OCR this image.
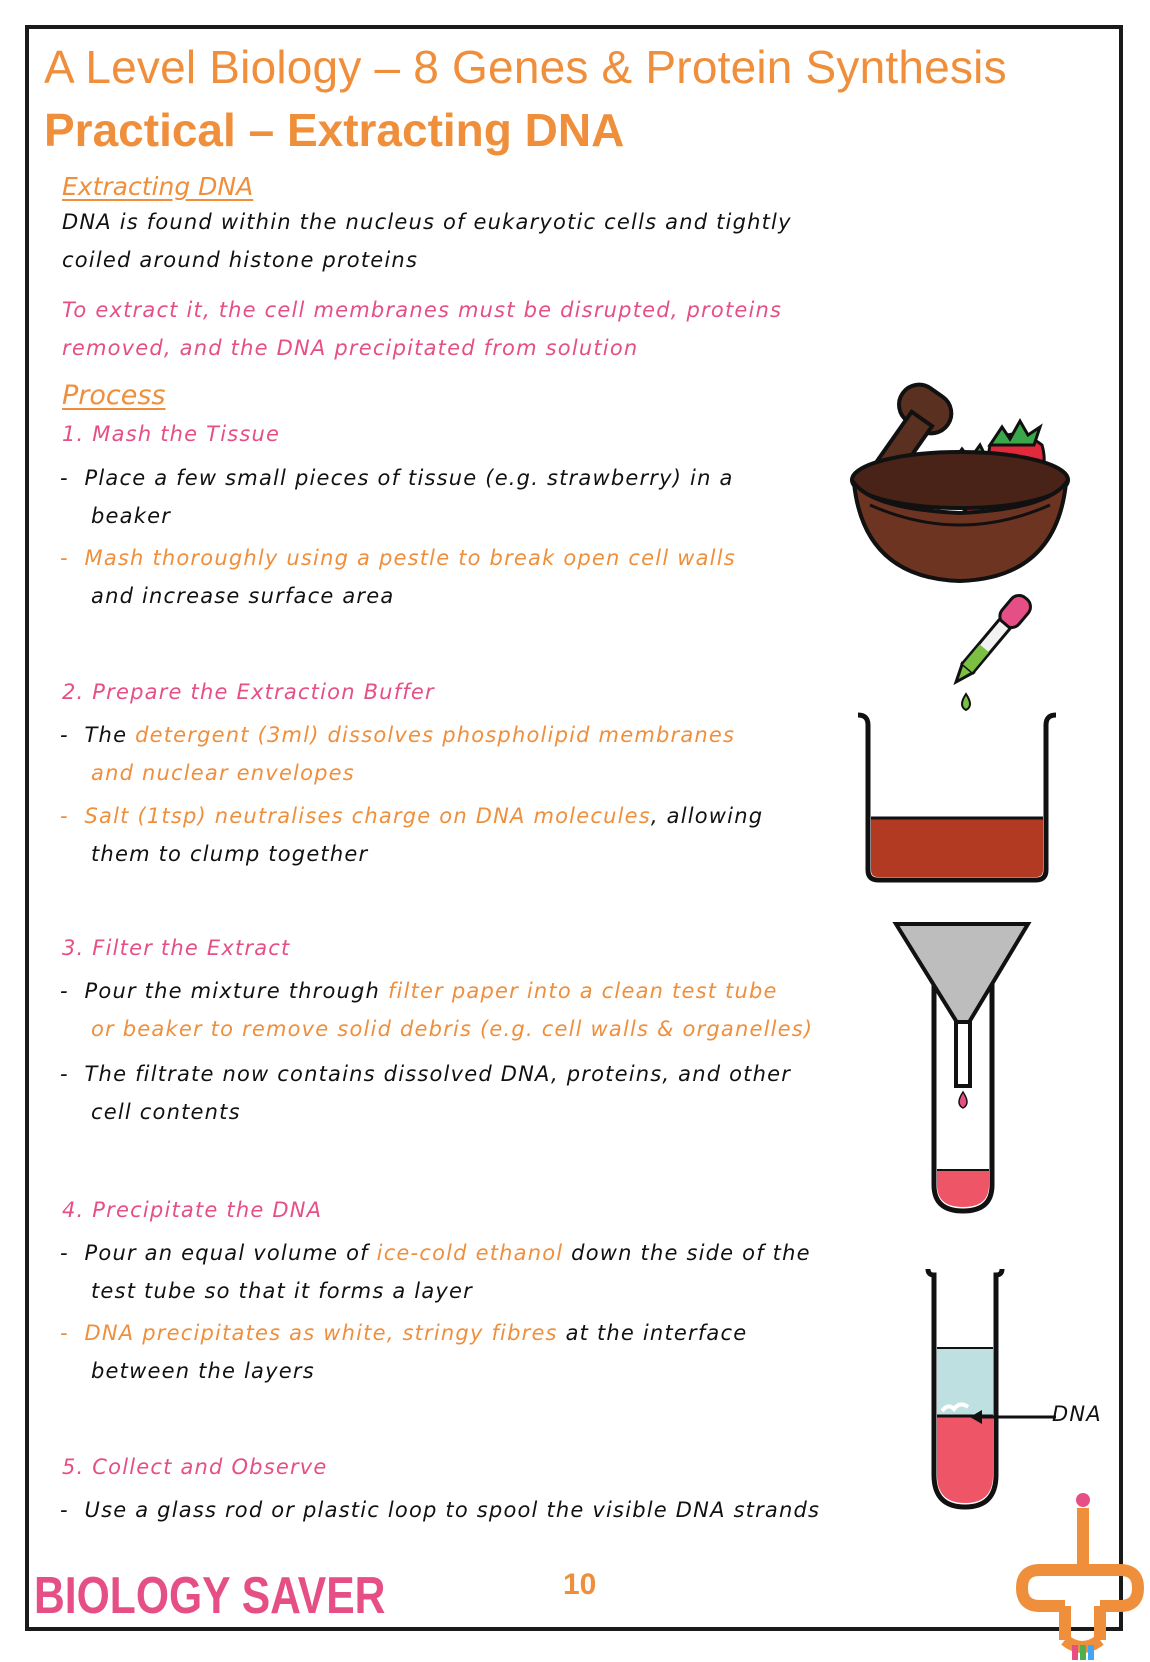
A Level Biology – 8 Genes & Protein Synthesis
Practical – Extracting DNA
Extracting DNA
DNA is found within the nucleus of eukaryotic cells and tightly
coiled around histone proteins
To extract it, the cell membranes must be disrupted, proteins
removed, and the DNA precipitated from solution
Process
1. Mash the Tissue
-  Place a few small pieces of tissue (e.g. strawberry) in a
beaker
-  Mash thoroughly using a pestle to break open cell walls
and increase surface area
2. Prepare the Extraction Buffer
-  The detergent (3ml) dissolves phospholipid membranes
and nuclear envelopes
-  Salt (1tsp) neutralises charge on DNA molecules, allowing
them to clump together
3. Filter the Extract
-  Pour the mixture through filter paper into a clean test tube
or beaker to remove solid debris (e.g. cell walls & organelles)
-  The filtrate now contains dissolved DNA, proteins, and other
cell contents
4. Precipitate the DNA
-  Pour an equal volume of ice-cold ethanol down the side of the
test tube so that it forms a layer
-  DNA precipitates as white, stringy fibres at the interface
between the layers
5. Collect and Observe
-  Use a glass rod or plastic loop to spool the visible DNA strands
DNA
BIOLOGY SAVER	10
